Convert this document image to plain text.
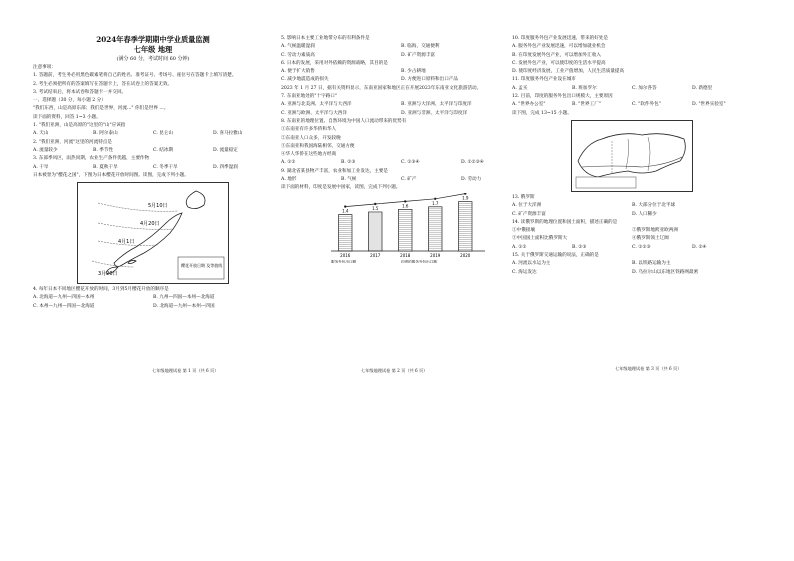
2024年春季学期期中学业质量监测
七年级 地理
(满分 60 分，考试时间 60 分钟)
注意事项：
1. 答题前，考生务必用黑色碳素笔将自己的姓名、准考证号、考场号、座位号在答题卡上填写清楚。
2. 考生必须把所有的答案填写在答题卡上，答在试卷上的答案无效。
3. 考试结束后，将本试卷和答题卡一并交回。
一、选择题（30 分，每小题 2 分）
"我们东西，山是高原东部；我们是世界，河流..." 你们是世界 ...。
读下面的资料，回答 1~3 小题。
1. "我们亚洲，山是高原的"这里的"山"应该指
A. 天山	B. 阿尔泰山	C. 昆仑山	D. 喜马拉雅山
2. "我们亚洲，河流"这里的河流特点是
A. 流量较少	B. 季节性	C. 结冰期	D. 流量稳定
3. 东部季风区，雨热同期，农业生产条件优越，主要作物
A. 干旱	B. 夏秋干旱	C. 冬季干旱	D. 四季湿润
日本被誉为"樱花之国"，下图为日本樱花开放时间图。读图，完成下列小题。
5月10日
4月20日
4月1日
3月20日
樱花开放日期 及等值线
4. 每年日本不同地区樱花开放的时间，3月到5月樱花开放的顺序是
A. 北海道—九州—四国—本州	B. 九州—四国—本州—北海道
C. 本州—九州—四国—北海道	D. 北海道—九州—本州—四国
七年级地理试卷 第 1 页（共 6 页）
5. 影响日本主要工业地带分布的有利条件是
A. 气候温暖湿润	B. 临海，交通便利
C. 劳动力素质高	D. 矿产资源丰富
6. 日本的发展，采用对外依赖的资源战略，其目的是
A. 便于扩大销售	B. 少占耕地
C. 减少地震造成的损失	D. 方便进口原料和出口产品
2023 年 1 月 27 日，据有关资料显示，东南亚国家和地区正在开展2023年东南亚文化旅游活动。
7. 东南亚地处的"十字路口"
A. 亚洲与北美洲、太平洋与大西洋	B. 亚洲与大洋洲、太平洋与印度洋
C. 亚洲与欧洲、太平洋与大西洋	D. 亚洲与非洲、太平洋与印度洋
8. 东南亚的地理位置、自然环境为中国人口流动带来的优势有
①东南亚有许多华侨和华人
②东南亚人口众多，开发较晚
③东南亚和我国海陆相邻，交通方便
④华人华侨在这些地方经商
A. ①②	B. ②③	C. ①③④	D. ①②③④
9. 湖北省某县物产丰富，农业和加工业发达，主要是
A. 地形	B. 气候	C. 矿产	D. 劳动力
读下面的材料，印度是发展中国家，读图，完成下列小题。
1.4
2016
1.5
2017
1.6
2018
1.7
2019
1.9
2020
服务外包出口额	印度的服务外包出口额
七年级地理试卷 第 2 页（共 6 页）
10. 印度服务外包产业发展迅速，带来的好处是
A. 服务外包产业发展迅速，可以增加就业机会
B. 在印度发展外包产业，可以增加外汇收入
C. 发展外包产业，可以使印度的生活水平提高
D. 使印度经济发展，工业产值增加，人民生活质量提高
11. 印度服务外包产业设在城市
A. 孟买	B. 班加罗尔	C. 加尔各答	D. 新德里
12. 目前，印度的服务外包出口规模大，主要原因
A. "世界办公室"	B. "世界工厂"	C. "软件外包"	D. "世界实验室"
读下图，完成 13~15 小题。
13. 俄罗斯
A. 位于大洋洲	B. 大部分位于北半球
C. 矿产资源丰富	D. 人口稀少
14. 读俄罗斯的地理位置和国土面积，描述正确的是
①中俄接壤	②俄罗斯地跨亚欧两洲
③中国国土面积比俄罗斯大	④俄罗斯领土辽阔
A. ①②	B. ②③	C. ①②③	D. ②④
15. 关于俄罗斯交通运输的说法，正确的是
A. 河流以水运为主	B. 以铁路运输为主
C. 海运发达	D. 乌拉尔山以东地区铁路网最密
七年级地理试卷 第 3 页（共 6 页）
